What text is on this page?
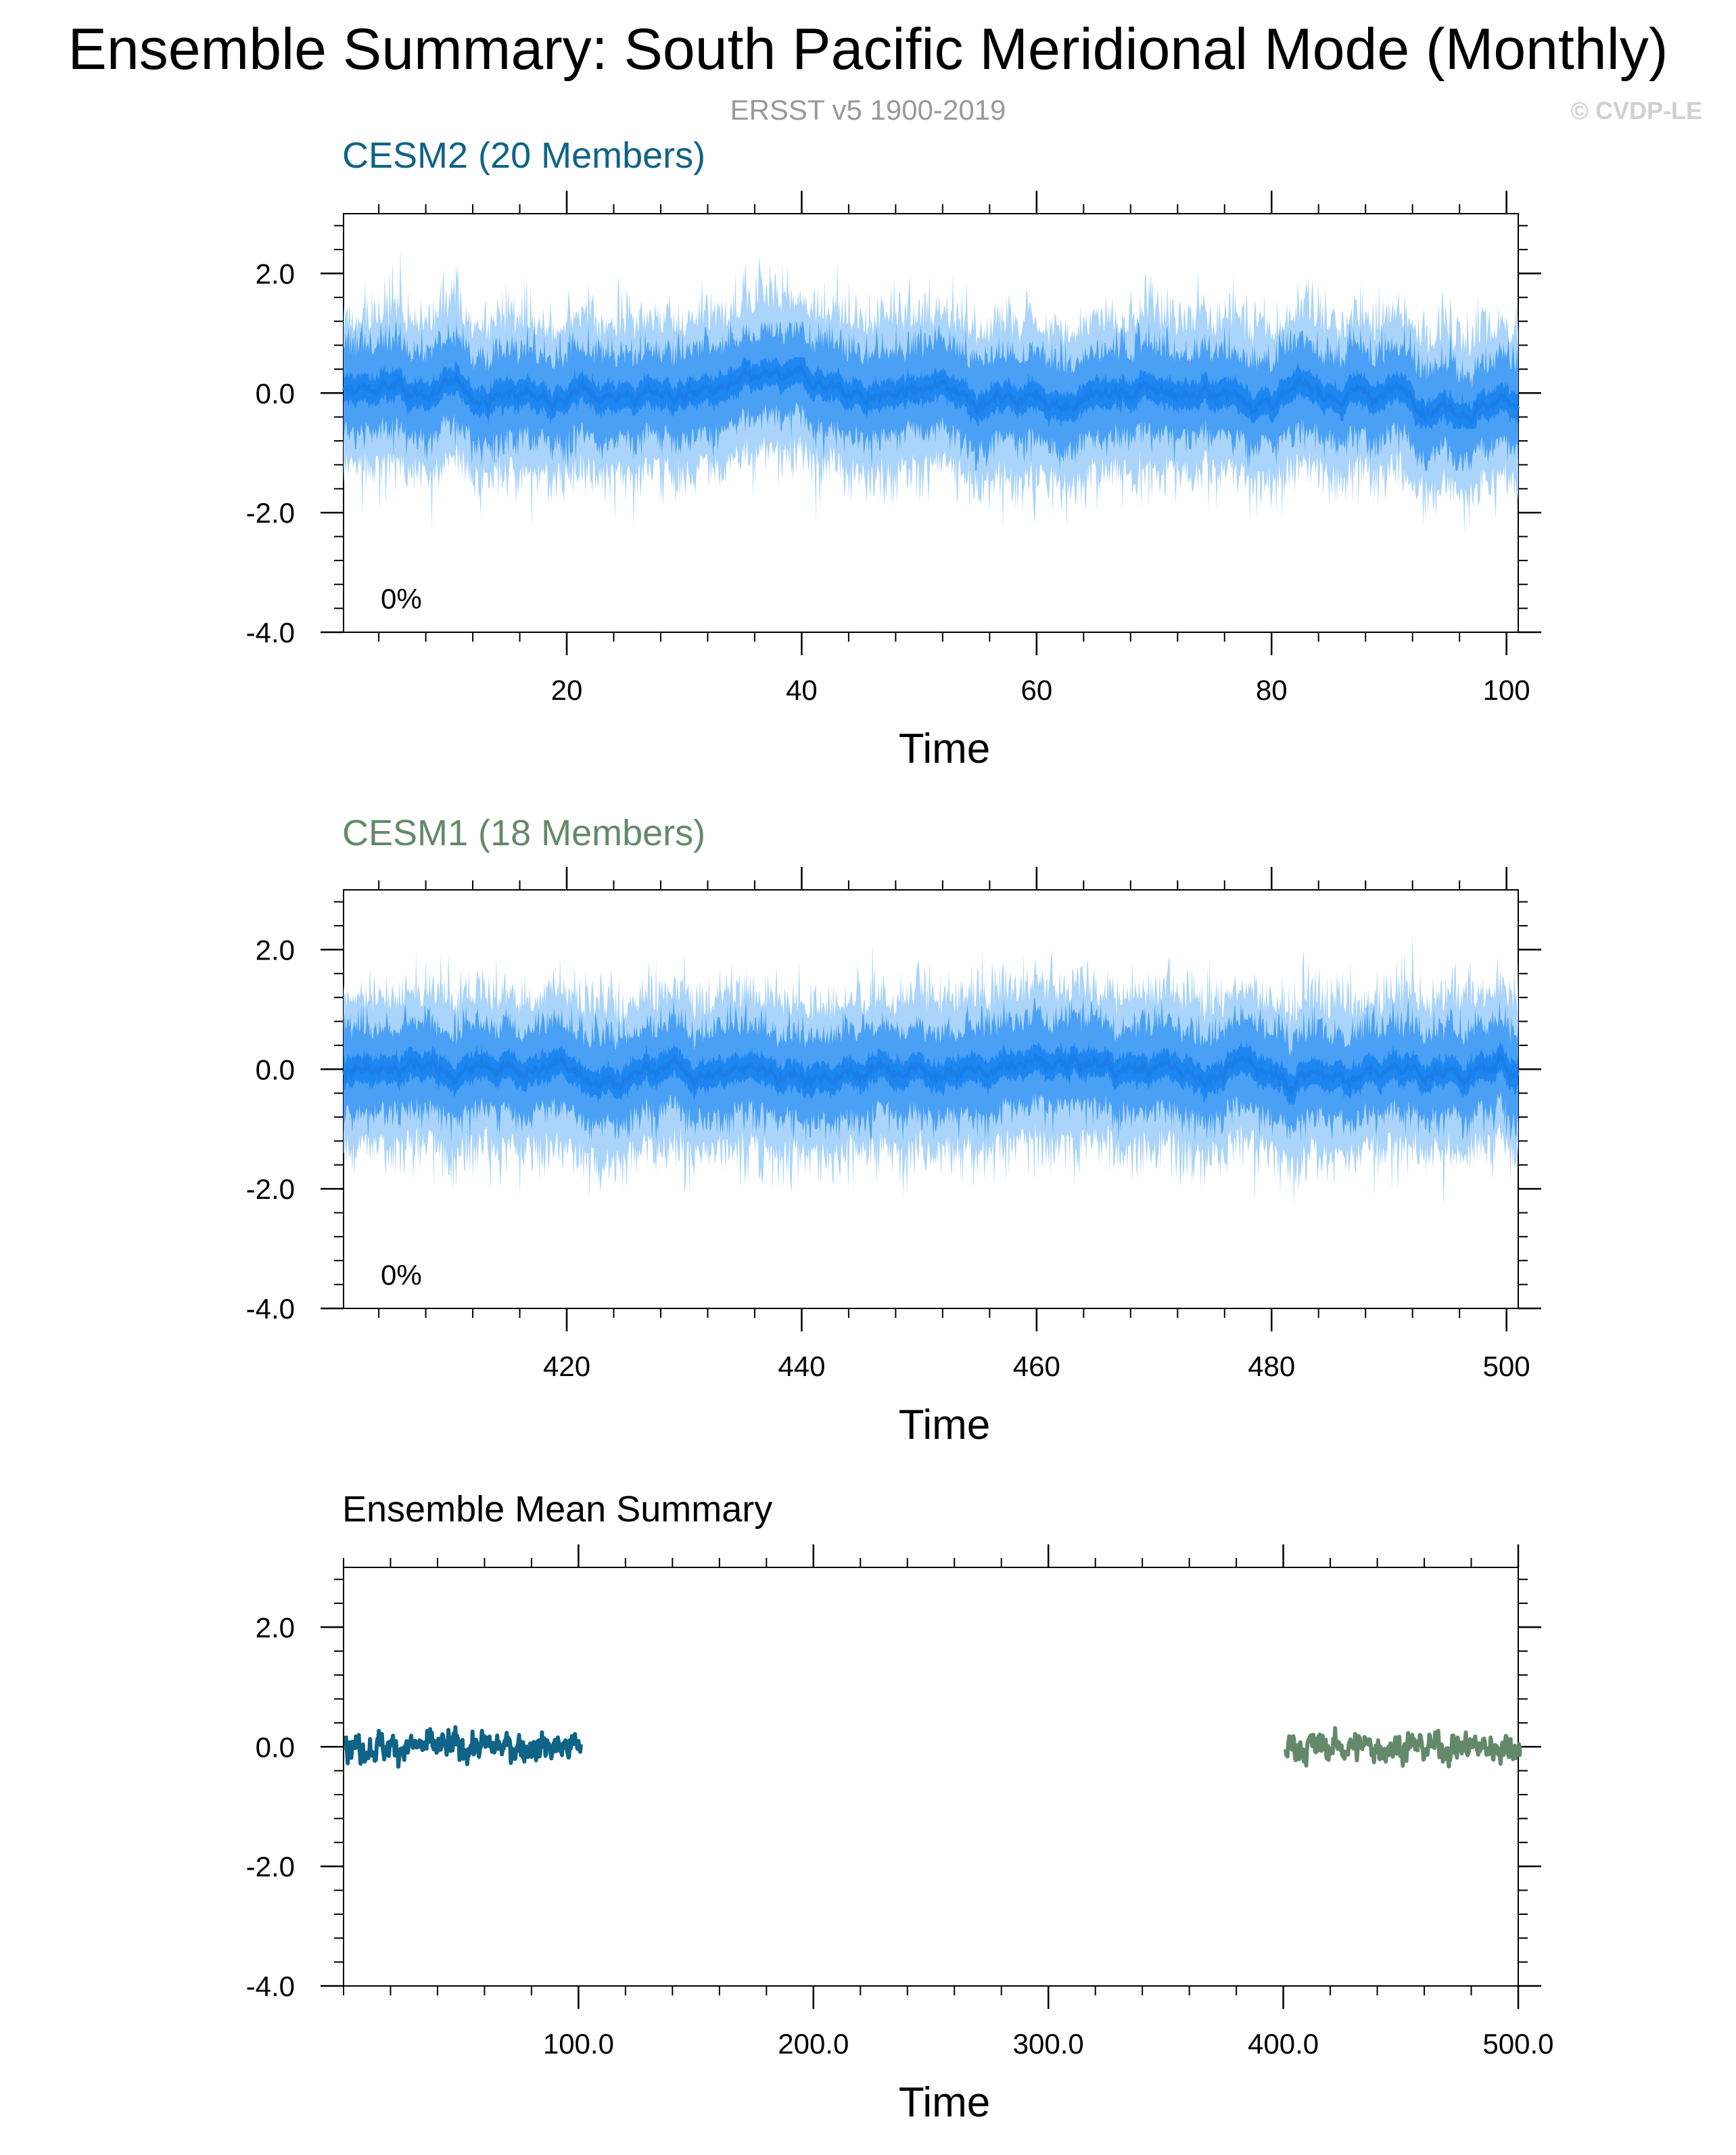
Ensemble Summary: South Pacific Meridional Mode (Monthly)
ERSST v5 1900-2019	© CVDP-LE
CESM2 (20 Members)
20	40	60	80	100
2.0
0.0
-2.0
-4.0
Time
0%
CESM1 (18 Members)
420	440	460	480	500
2.0
0.0
-2.0
-4.0
Time
0%
Ensemble Mean Summary
100.0	200.0	300.0	400.0	500.0
2.0
0.0
-2.0
-4.0
Time
